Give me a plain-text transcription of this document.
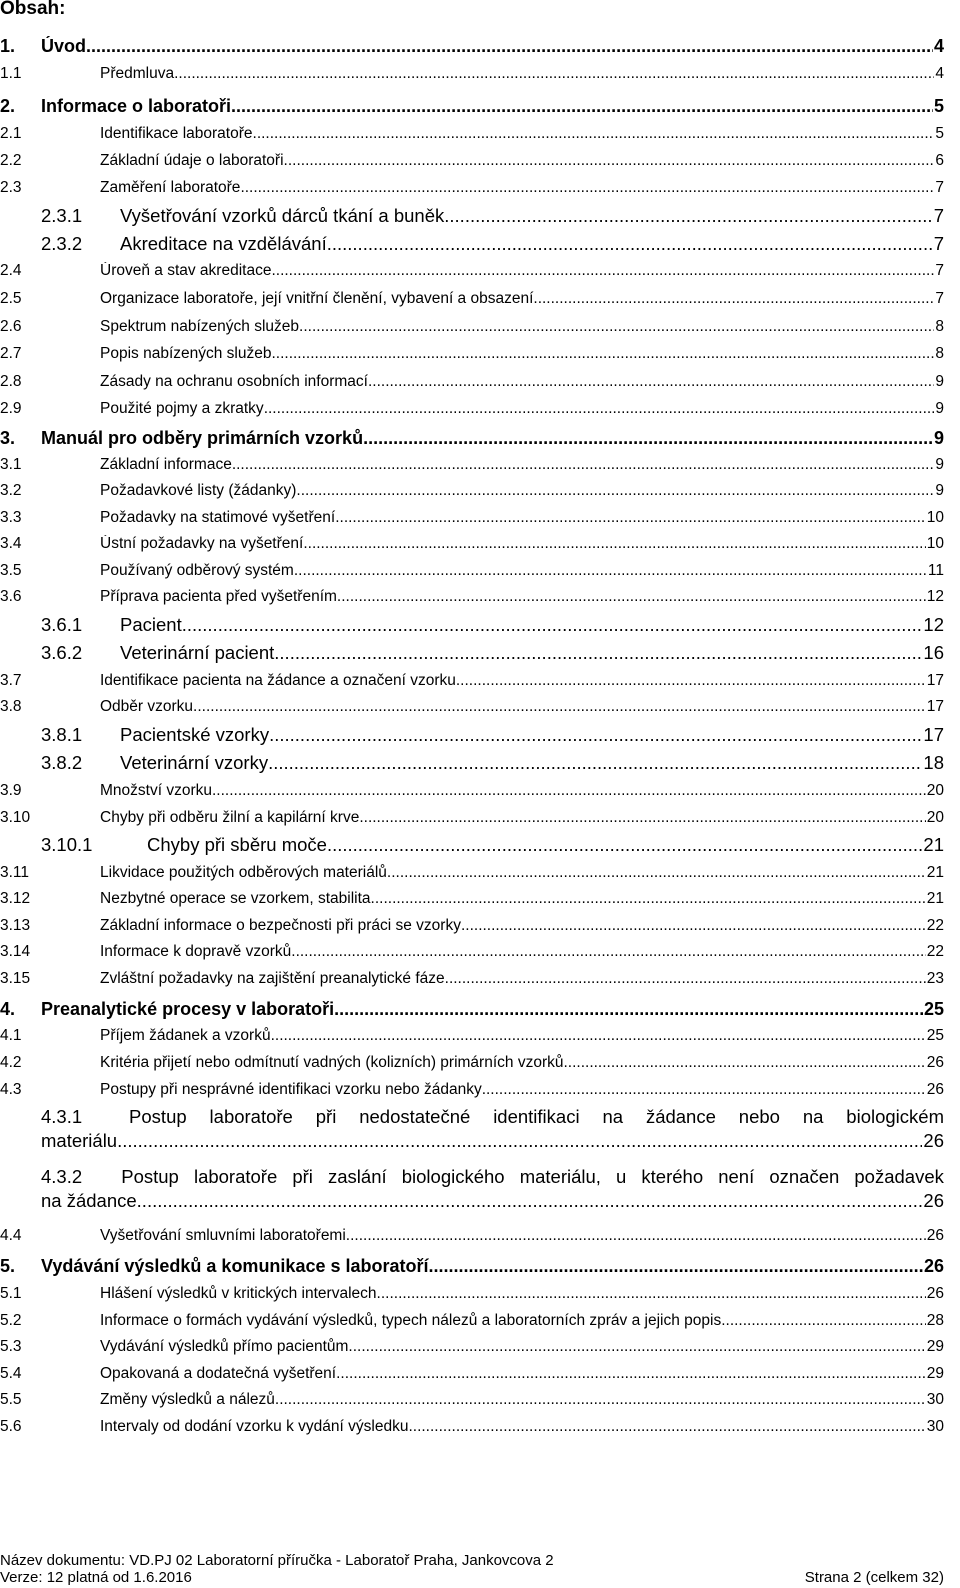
Obsah:
1.	Úvod .....	4
1.1	Předmluva .....	4
2.	Informace o laboratoři .....	5
2.1	Identifikace laboratoře .....	5
2.2	Základní údaje o laboratoři .....	6
2.3	Zaměření laboratoře .....	7
2.3.1	Vyšetřování vzorků dárců tkání a buněk .....	7
2.3.2	Akreditace na vzdělávání .....	7
2.4	Úroveň a stav akreditace .....	7
2.5	Organizace laboratoře, její vnitřní členění, vybavení a obsazení .....	7
2.6	Spektrum nabízených služeb .....	8
2.7	Popis nabízených služeb .....	8
2.8	Zásady na ochranu osobních informací .....	9
2.9	Použité pojmy a zkratky .....	9
3.	Manuál pro odběry primárních vzorků .....	9
3.1	Základní informace .....	9
3.2	Požadavkové listy (žádanky) .....	9
3.3	Požadavky na statimové vyšetření .....	10
3.4	Ústní požadavky na vyšetření .....	10
3.5	Používaný odběrový systém .....	11
3.6	Příprava pacienta před vyšetřením .....	12
3.6.1	Pacient .....	12
3.6.2	Veterinární pacient .....	16
3.7	Identifikace pacienta na žádance a označení vzorku .....	17
3.8	Odběr vzorku .....	17
3.8.1	Pacientské vzorky .....	17
3.8.2	Veterinární vzorky .....	18
3.9	Množství vzorku .....	20
3.10	Chyby při odběru žilní a kapilární krve .....	20
3.10.1	Chyby při sběru moče .....	21
3.11	Likvidace použitých odběrových materiálů .....	21
3.12	Nezbytné operace se vzorkem, stabilita .....	21
3.13	Základní informace o bezpečnosti při práci se vzorky .....	22
3.14	Informace k dopravě vzorků .....	22
3.15	Zvláštní požadavky na zajištění preanalytické fáze .....	23
4.	Preanalytické procesy v laboratoři .....	25
4.1	Příjem žádanek a vzorků .....	25
4.2	Kritéria přijetí nebo odmítnutí vadných (kolizních) primárních vzorků .....	26
4.3	Postupy při nesprávné identifikaci vzorku nebo žádanky .....	26
4.3.1	Postup laboratoře při nedostatečné identifikaci na žádance nebo na biologickém
materiálu .....	26
4.3.2 Postup laboratoře při zaslání biologického materiálu, u kterého není označen požadavek
na žádance .....	26
4.4	Vyšetřování smluvními laboratořemi .....	26
5.	Vydávání výsledků a komunikace s laboratoří .....	26
5.1	Hlášení výsledků v kritických intervalech .....	26
5.2	Informace o formách vydávání výsledků, typech nálezů a laboratorních zpráv a jejich popis .....	28
5.3	Vydávání výsledků přímo pacientům .....	29
5.4	Opakovaná a dodatečná vyšetření .....	29
5.5	Změny výsledků a nálezů .....	30
5.6	Intervaly od dodání vzorku k vydání výsledku .....	30
Název dokumentu: VD.PJ 02 Laboratorní příručka - Laboratoř Praha, Jankovcova 2
Verze: 12 platná od 1.6.2016	Strana 2 (celkem 32)
